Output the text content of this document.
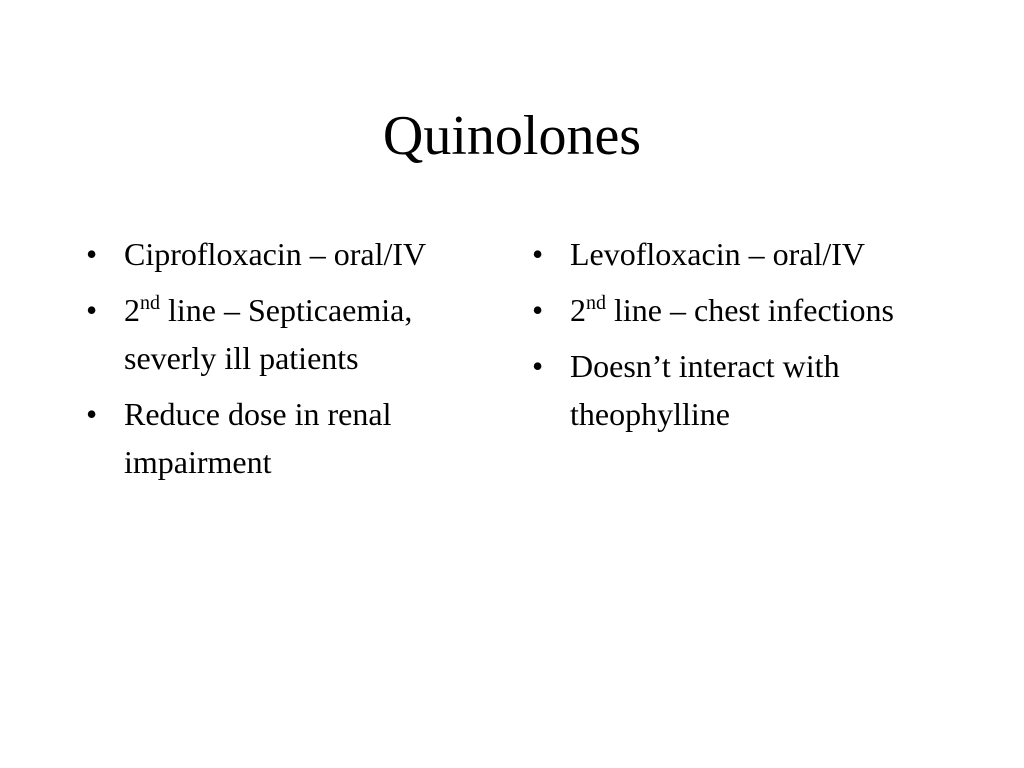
Quinolones
• Ciprofloxacin – oral/IV
• 2nd line – Septicaemia, severly ill patients
• Reduce dose in renal impairment
• Levofloxacin – oral/IV
• 2nd line – chest infections
• Doesn’t interact with theophylline
